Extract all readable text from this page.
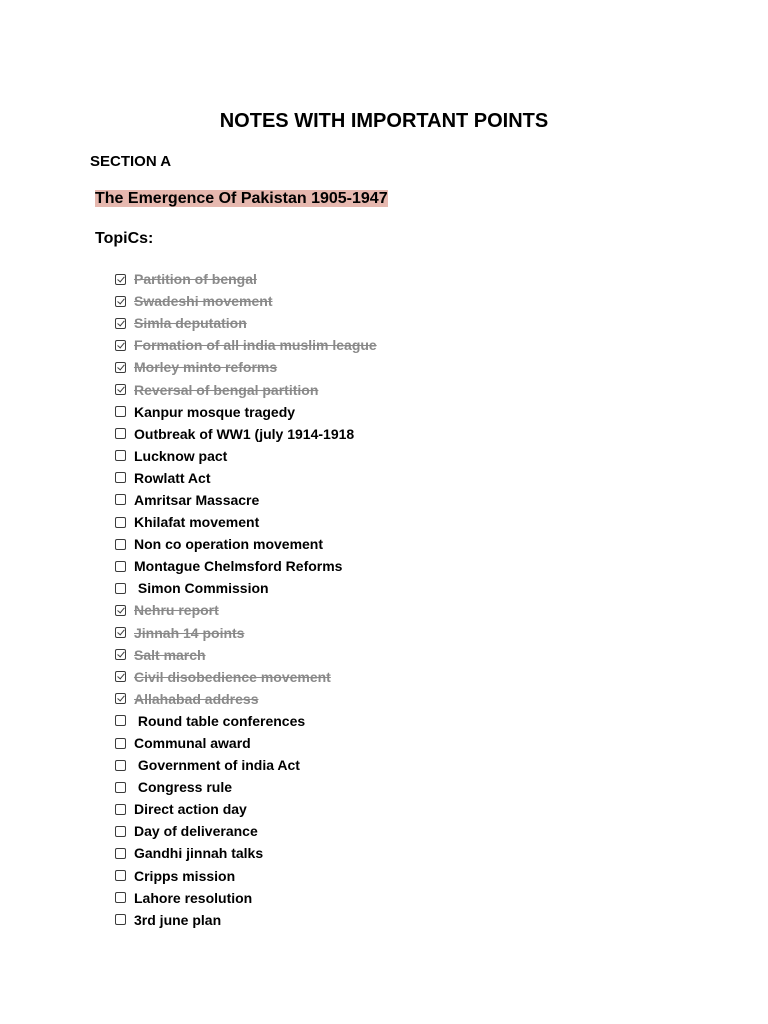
NOTES WITH IMPORTANT POINTS
SECTION A
The Emergence Of Pakistan 1905-1947
TopiCs:
Partition of bengal
Swadeshi movement
Simla deputation
Formation of all india muslim league
Morley minto reforms
Reversal of bengal partition
Kanpur mosque tragedy
Outbreak of WW1 (july 1914-1918
Lucknow pact
Rowlatt Act
Amritsar Massacre
Khilafat movement
Non co operation movement
Montague Chelmsford Reforms
Simon Commission
Nehru report
Jinnah 14 points
Salt march
Civil disobedience movement
Allahabad address
Round table conferences
Communal award
Government of india Act
Congress rule
Direct action day
Day of deliverance
Gandhi jinnah talks
Cripps mission
Lahore resolution
3rd june plan
